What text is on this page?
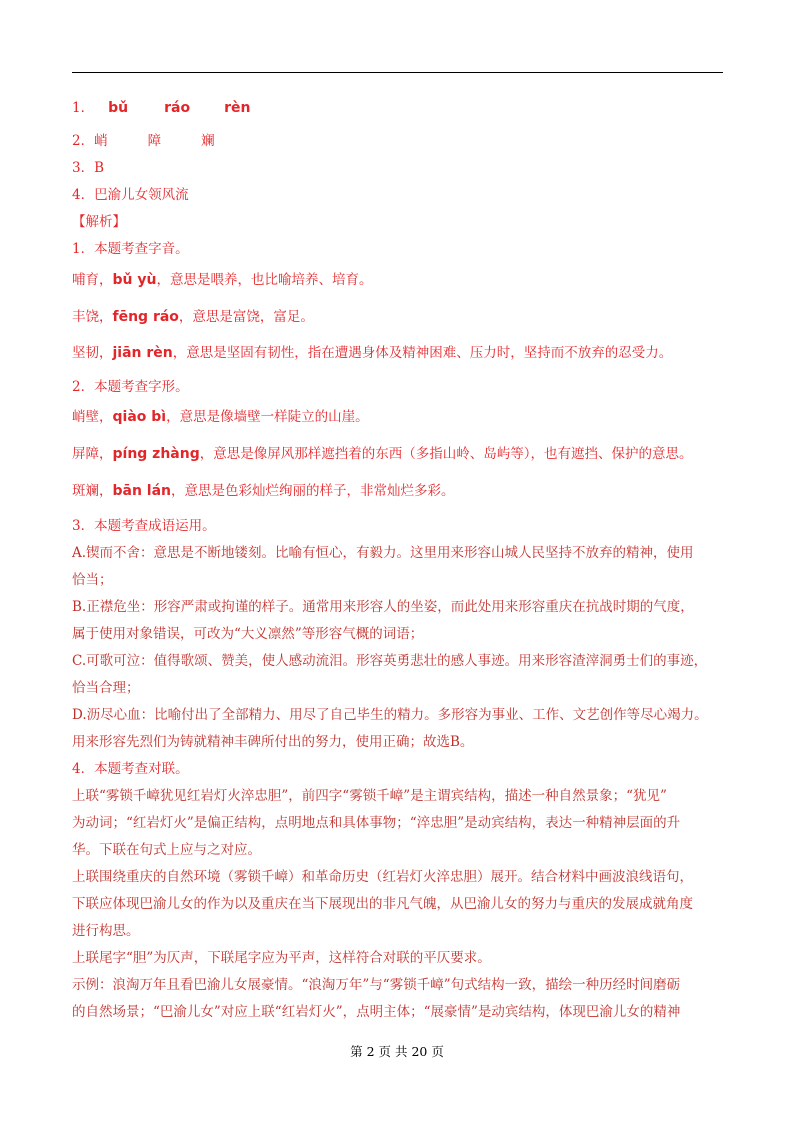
1． bǔ	ráo rèn
2．峭	障	斓
3．B
4．巴渝儿女领风流
【解析】
1．本题考查字音。
哺育，bǔ yù，意思是喂养，也比喻培养、培育。
丰饶，fēng ráo，意思是富饶，富足。
坚韧，jiān rèn，意思是坚固有韧性，指在遭遇身体及精神困难、压力时，坚持而不放弃的忍受力。
2．本题考查字形。
峭壁，qiào bì，意思是像墙壁一样陡立的山崖。
屏障，píng zhàng，意思是像屏风那样遮挡着的东西（多指山岭、岛屿等），也有遮挡、保护的意思。
斑斓，bān lán，意思是色彩灿烂绚丽的样子，非常灿烂多彩。
3．本题考查成语运用。
A.锲而不舍：意思是不断地镂刻。比喻有恒心，有毅力。这里用来形容山城人民坚持不放弃的精神，使用
恰当；
B.正襟危坐：形容严肃或拘谨的样子。通常用来形容人的坐姿，而此处用来形容重庆在抗战时期的气度，
属于使用对象错误，可改为“大义凛然”等形容气概的词语；
C.可歌可泣：值得歌颂、赞美，使人感动流泪。形容英勇悲壮的感人事迹。用来形容渣滓洞勇士们的事迹，
恰当合理；
D.沥尽心血：比喻付出了全部精力、用尽了自己毕生的精力。多形容为事业、工作、文艺创作等尽心竭力。
用来形容先烈们为铸就精神丰碑所付出的努力，使用正确；故选B。
4．本题考查对联。
上联“雾锁千嶂犹见红岩灯火淬忠胆”，前四字“雾锁千嶂”是主谓宾结构，描述一种自然景象；“犹见”
为动词；“红岩灯火”是偏正结构，点明地点和具体事物；“淬忠胆”是动宾结构，表达一种精神层面的升
华。下联在句式上应与之对应。
上联围绕重庆的自然环境（雾锁千嶂）和革命历史（红岩灯火淬忠胆）展开。结合材料中画波浪线语句，
下联应体现巴渝儿女的作为以及重庆在当下展现出的非凡气魄，从巴渝儿女的努力与重庆的发展成就角度
进行构思。
上联尾字“胆”为仄声，下联尾字应为平声，这样符合对联的平仄要求。
示例：浪淘万年且看巴渝儿女展豪情。“浪淘万年”与“雾锁千嶂”句式结构一致，描绘一种历经时间磨砺
的自然场景；“巴渝儿女”对应上联“红岩灯火”，点明主体；“展豪情”是动宾结构，体现巴渝儿女的精神
第 2 页 共 20 页
